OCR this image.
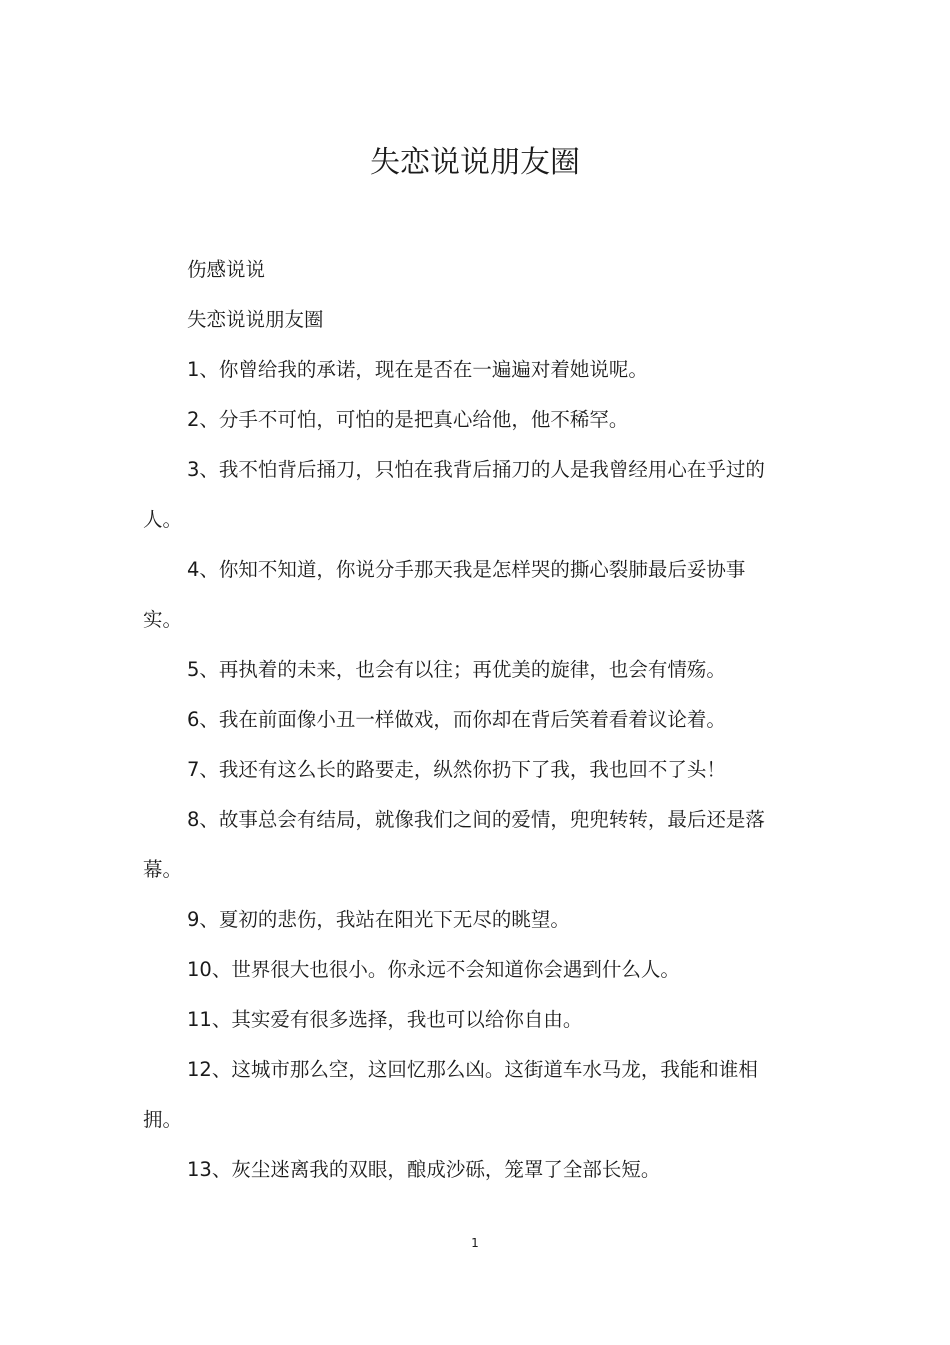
失恋说说朋友圈

伤感说说

失恋说说朋友圈

1、你曾给我的承诺，现在是否在一遍遍对着她说呢。

2、分手不可怕，可怕的是把真心给他，他不稀罕。

3、我不怕背后捅刀，只怕在我背后捅刀的人是我曾经用心在乎过的人。

4、你知不知道，你说分手那天我是怎样哭的撕心裂肺最后妥协事实。

5、再执着的未来，也会有以往；再优美的旋律，也会有情殇。

6、我在前面像小丑一样做戏，而你却在背后笑着看着议论着。

7、我还有这么长的路要走，纵然你扔下了我，我也回不了头！

8、故事总会有结局，就像我们之间的爱情，兜兜转转，最后还是落幕。

9、夏初的悲伤，我站在阳光下无尽的眺望。

10、世界很大也很小。你永远不会知道你会遇到什么人。

11、其实爱有很多选择，我也可以给你自由。

12、这城市那么空，这回忆那么凶。这街道车水马龙，我能和谁相拥。

13、灰尘迷离我的双眼，酿成沙砾，笼罩了全部长短。

1
